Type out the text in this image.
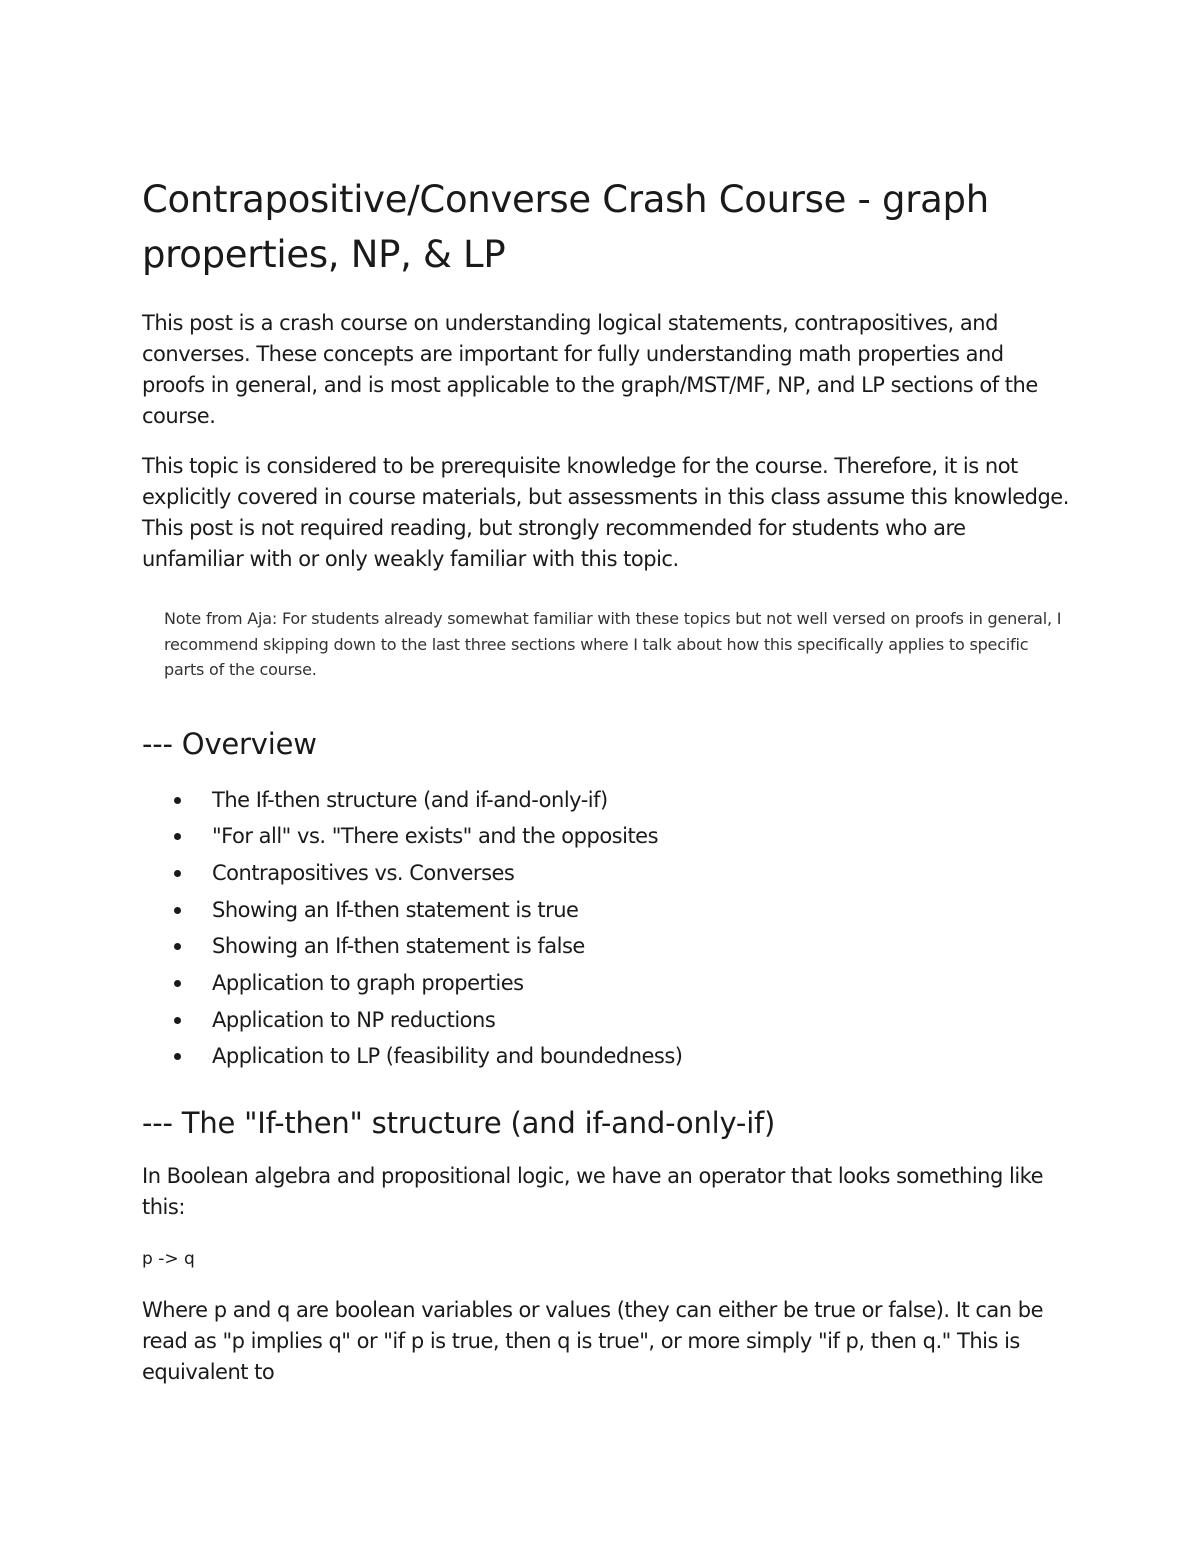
Contrapositive/Converse Crash Course - graph properties, NP, & LP

This post is a crash course on understanding logical statements, contrapositives, and converses. These concepts are important for fully understanding math properties and proofs in general, and is most applicable to the graph/MST/MF, NP, and LP sections of the course.

This topic is considered to be prerequisite knowledge for the course. Therefore, it is not explicitly covered in course materials, but assessments in this class assume this knowledge. This post is not required reading, but strongly recommended for students who are unfamiliar with or only weakly familiar with this topic.

Note from Aja: For students already somewhat familiar with these topics but not well versed on proofs in general, I recommend skipping down to the last three sections where I talk about how this specifically applies to specific parts of the course.
--- Overview
The If-then structure (and if-and-only-if)
"For all" vs. "There exists" and the opposites
Contrapositives vs. Converses
Showing an If-then statement is true
Showing an If-then statement is false
Application to graph properties
Application to NP reductions
Application to LP (feasibility and boundedness)
--- The "If-then" structure (and if-and-only-if)

In Boolean algebra and propositional logic, we have an operator that looks something like this:

p -> q

Where p and q are boolean variables or values (they can either be true or false). It can be read as "p implies q" or "if p is true, then q is true", or more simply "if p, then q." This is equivalent to
